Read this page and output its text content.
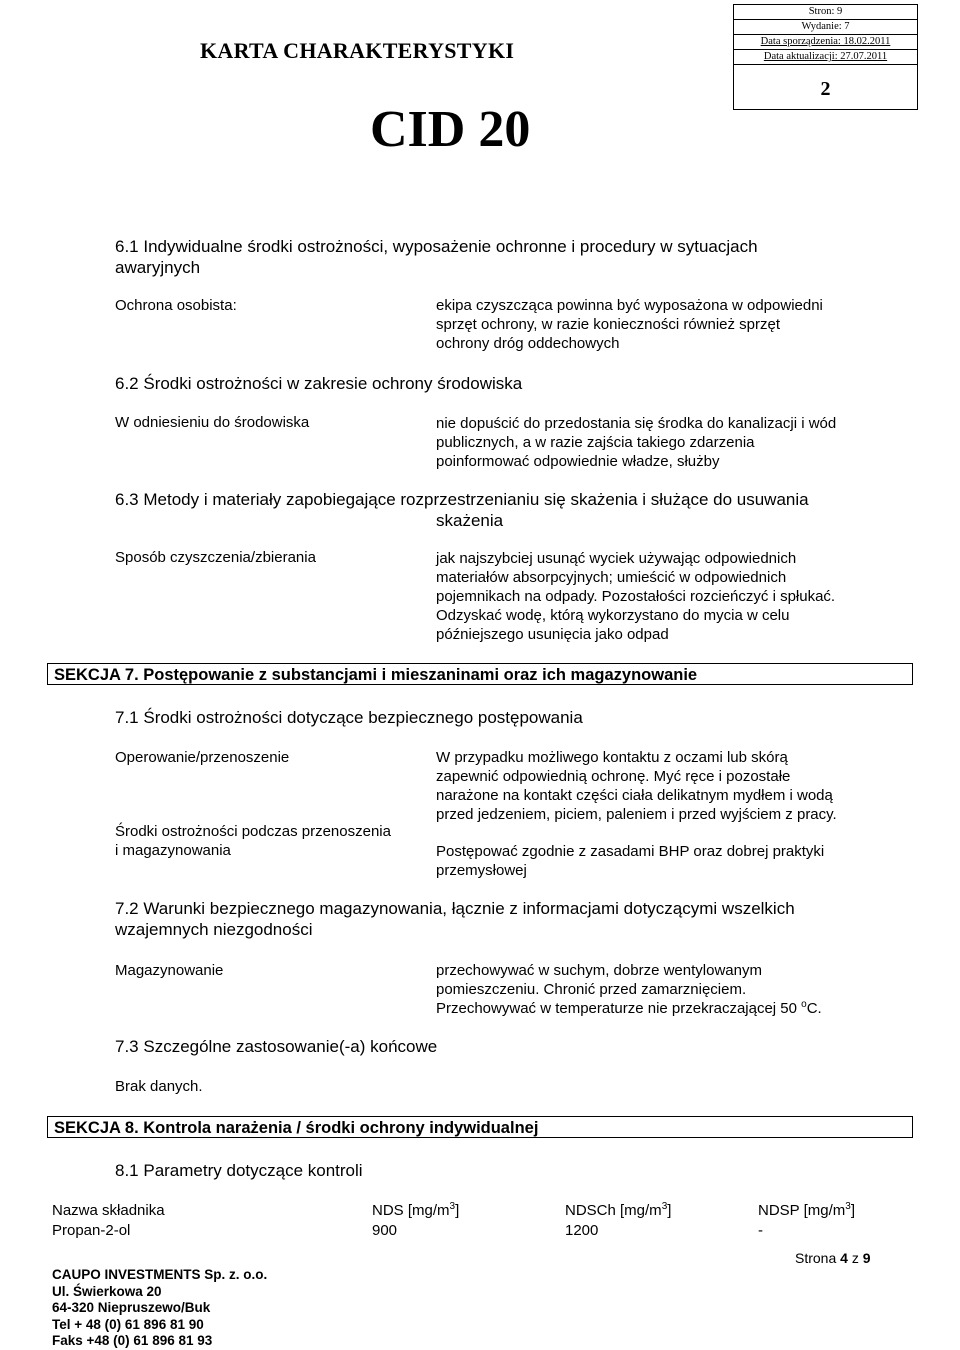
KARTA CHARAKTERYSTYKI
Stron: 9
Wydanie: 7
Data sporządzenia: 18.02.2011
Data aktualizacji: 27.07.2011
2
CID 20
6.1 Indywidualne środki ostrożności, wyposażenie ochronne i procedury w sytuacjach
awaryjnych
Ochrona osobista:	ekipa czyszcząca powinna być wyposażona w odpowiedni
sprzęt ochrony, w razie konieczności również sprzęt
ochrony dróg oddechowych
6.2 Środki ostrożności w zakresie ochrony środowiska
W odniesieniu do środowiska	nie dopuścić do przedostania się środka do kanalizacji i wód
publicznych, a w razie zajścia takiego zdarzenia
poinformować odpowiednie władze, służby
6.3 Metody i materiały zapobiegające rozprzestrzenianiu się skażenia i służące do usuwania
skażenia
Sposób czyszczenia/zbierania	jak najszybciej usunąć wyciek używając odpowiednich
materiałów absorpcyjnych; umieścić w odpowiednich
pojemnikach na odpady. Pozostałości rozcieńczyć i spłukać.
Odzyskać wodę, którą wykorzystano do mycia w celu
późniejszego usunięcia jako odpad
SEKCJA 7. Postępowanie z substancjami i mieszaninami oraz ich magazynowanie
7.1 Środki ostrożności dotyczące bezpiecznego postępowania
Operowanie/przenoszenie	W przypadku możliwego kontaktu z oczami lub skórą
zapewnić odpowiednią ochronę. Myć ręce i pozostałe
narażone na kontakt części ciała delikatnym mydłem i wodą
przed jedzeniem, piciem, paleniem i przed wyjściem z pracy.
Środki ostrożności podczas przenoszenia
i magazynowania	Postępować zgodnie z zasadami BHP oraz dobrej praktyki
przemysłowej
7.2 Warunki bezpiecznego magazynowania, łącznie z informacjami dotyczącymi wszelkich
wzajemnych niezgodności
Magazynowanie	przechowywać w suchym, dobrze wentylowanym
pomieszczeniu. Chronić przed zamarznięciem.
Przechowywać w temperaturze nie przekraczającej 50 $^o$C.
7.3 Szczególne zastosowanie(-a) końcowe
Brak danych.
SEKCJA 8. Kontrola narażenia / środki ochrony indywidualnej
8.1 Parametry dotyczące kontroli
Nazwa składnika	NDS $[mg/m^3]$	NDSCh $[mg/m^3]$	NDSP $[mg/m^3]$
Propan-2-ol	900	1200	-
Strona 4 z 9
CAUPO INVESTMENTS Sp. z. o.o.
Ul. Świerkowa 20
64-320 Niepruszewo/Buk
Tel + 48 (0) 61 896 81 90
Faks +48 (0) 61 896 81 93
